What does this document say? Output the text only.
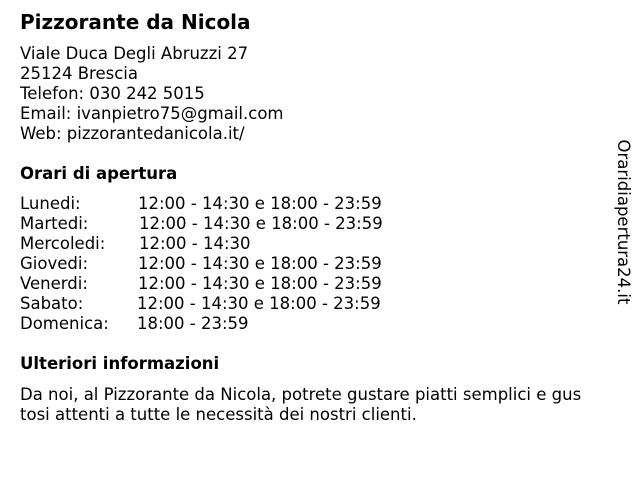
Pizzorante da Nicola
Viale Duca Degli Abruzzi 27
25124 Brescia
Telefon: 030 242 5015
Email: ivanpietro75@gmail.com
Web: pizzorantedanicola.it/
Orari di apertura
Lunedi:	12:00 - 14:30 e 18:00 - 23:59
Martedi:	12:00 - 14:30 e 18:00 - 23:59
Mercoledi: 12:00 - 14:30
Giovedi:	12:00 - 14:30 e 18:00 - 23:59
Venerdi:	12:00 - 14:30 e 18:00 - 23:59
Sabato:	12:00 - 14:30 e 18:00 - 23:59
Domenica: 18:00 - 23:59
Ulteriori informazioni
Da noi, al Pizzorante da Nicola, potrete gustare piatti semplici e gus
tosi attenti a tutte le necessità dei nostri clienti.
Oraridiapertura24.it
